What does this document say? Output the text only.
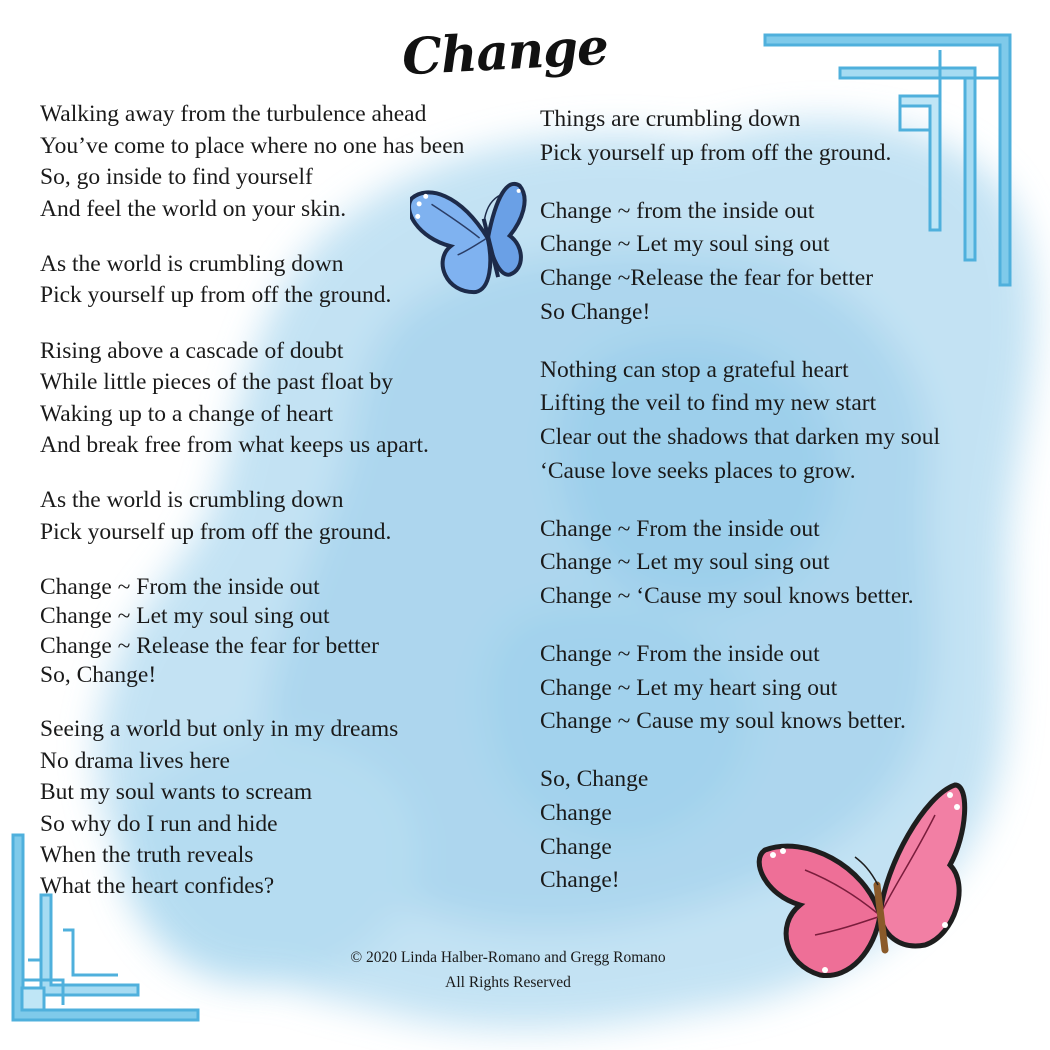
Change
Walking away from the turbulence ahead
You’ve come to place where no one has been
So, go inside to find yourself
And feel the world on your skin.
As the world is crumbling down
Pick yourself up from off the ground.
Rising above a cascade of doubt
While little pieces of the past float by
Waking up to a change of heart
And break free from what keeps us apart.
As the world is crumbling down
Pick yourself up from off the ground.
Change ~ From the inside out
Change ~ Let my soul sing out
Change ~ Release the fear for better
So, Change!
Seeing a world but only in my dreams
No drama lives here
But my soul wants to scream
So why do I run and hide
When the truth reveals
What the heart confides?
Things are crumbling down
Pick yourself up from off the ground.
Change ~ from the inside out
Change ~ Let my soul sing out
Change ~Release the fear for better
So Change!
Nothing can stop a grateful heart
Lifting the veil to find my new start
Clear out the shadows that darken my soul
‘Cause love seeks places to grow.
Change ~ From the inside out
Change ~ Let my soul sing out
Change ~ ‘Cause my soul knows better.
Change ~ From the inside out
Change ~ Let my heart sing out
Change ~ Cause my soul knows better.
So, Change
Change
Change
Change!
© 2020 Linda Halber-Romano and Gregg Romano
All Rights Reserved
